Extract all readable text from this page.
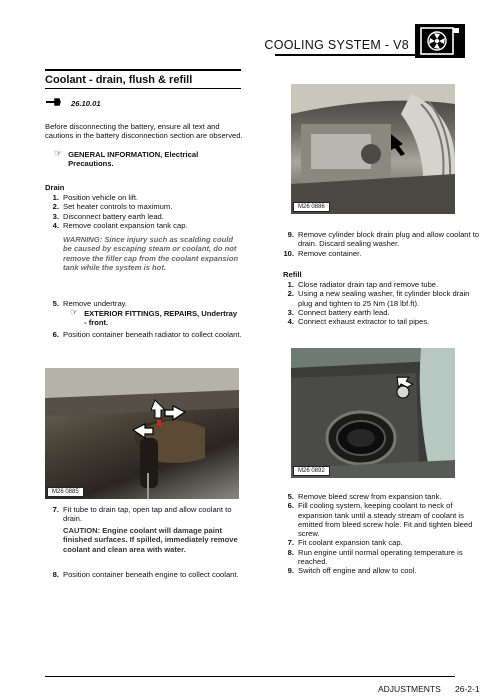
COOLING SYSTEM - V8
Coolant - drain, flush & refill
26.10.01
Before disconnecting the battery, ensure all text and cautions in the battery disconnection section are observed.
☞ GENERAL INFORMATION, Electrical Precautions.
Drain
1. Position vehicle on lift.
2. Set heater controls to maximum.
3. Disconnect battery earth lead.
4. Remove coolant expansion tank cap.
WARNING: Since injury such as scalding could be caused by escaping steam or coolant, do not remove the filler cap from the coolant expansion tank while the system is hot.
5. Remove undertray.
☞ EXTERIOR FITTINGS, REPAIRS, Undertray - front.
6. Position container beneath radiator to collect coolant.
M26 0885
7. Fit tube to drain tap, open tap and allow coolant to drain.
CAUTION: Engine coolant will damage paint finished surfaces. If spilled, immediately remove coolant and clean area with water.
8. Position container beneath engine to collect coolant.
M26 0886
9. Remove cylinder block drain plug and allow coolant to drain. Discard sealing washer.
10. Remove container.
Refill
1. Close radiator drain tap and remove tube.
2. Using a new sealing washer, fit cylinder block drain plug and tighten to 25 Nm (18 lbf.ft).
3. Connect battery earth lead.
4. Connect exhaust extractor to tail pipes.
M26 0892
5. Remove bleed screw from expansion tank.
6. Fill cooling system, keeping coolant to neck of expansion tank until a steady stream of coolant is emitted from bleed screw hole. Fit and tighten bleed screw.
7. Fit coolant expansion tank cap.
8. Run engine until normal operating temperature is reached.
9. Switch off engine and allow to cool.
ADJUSTMENTS 26-2-1
